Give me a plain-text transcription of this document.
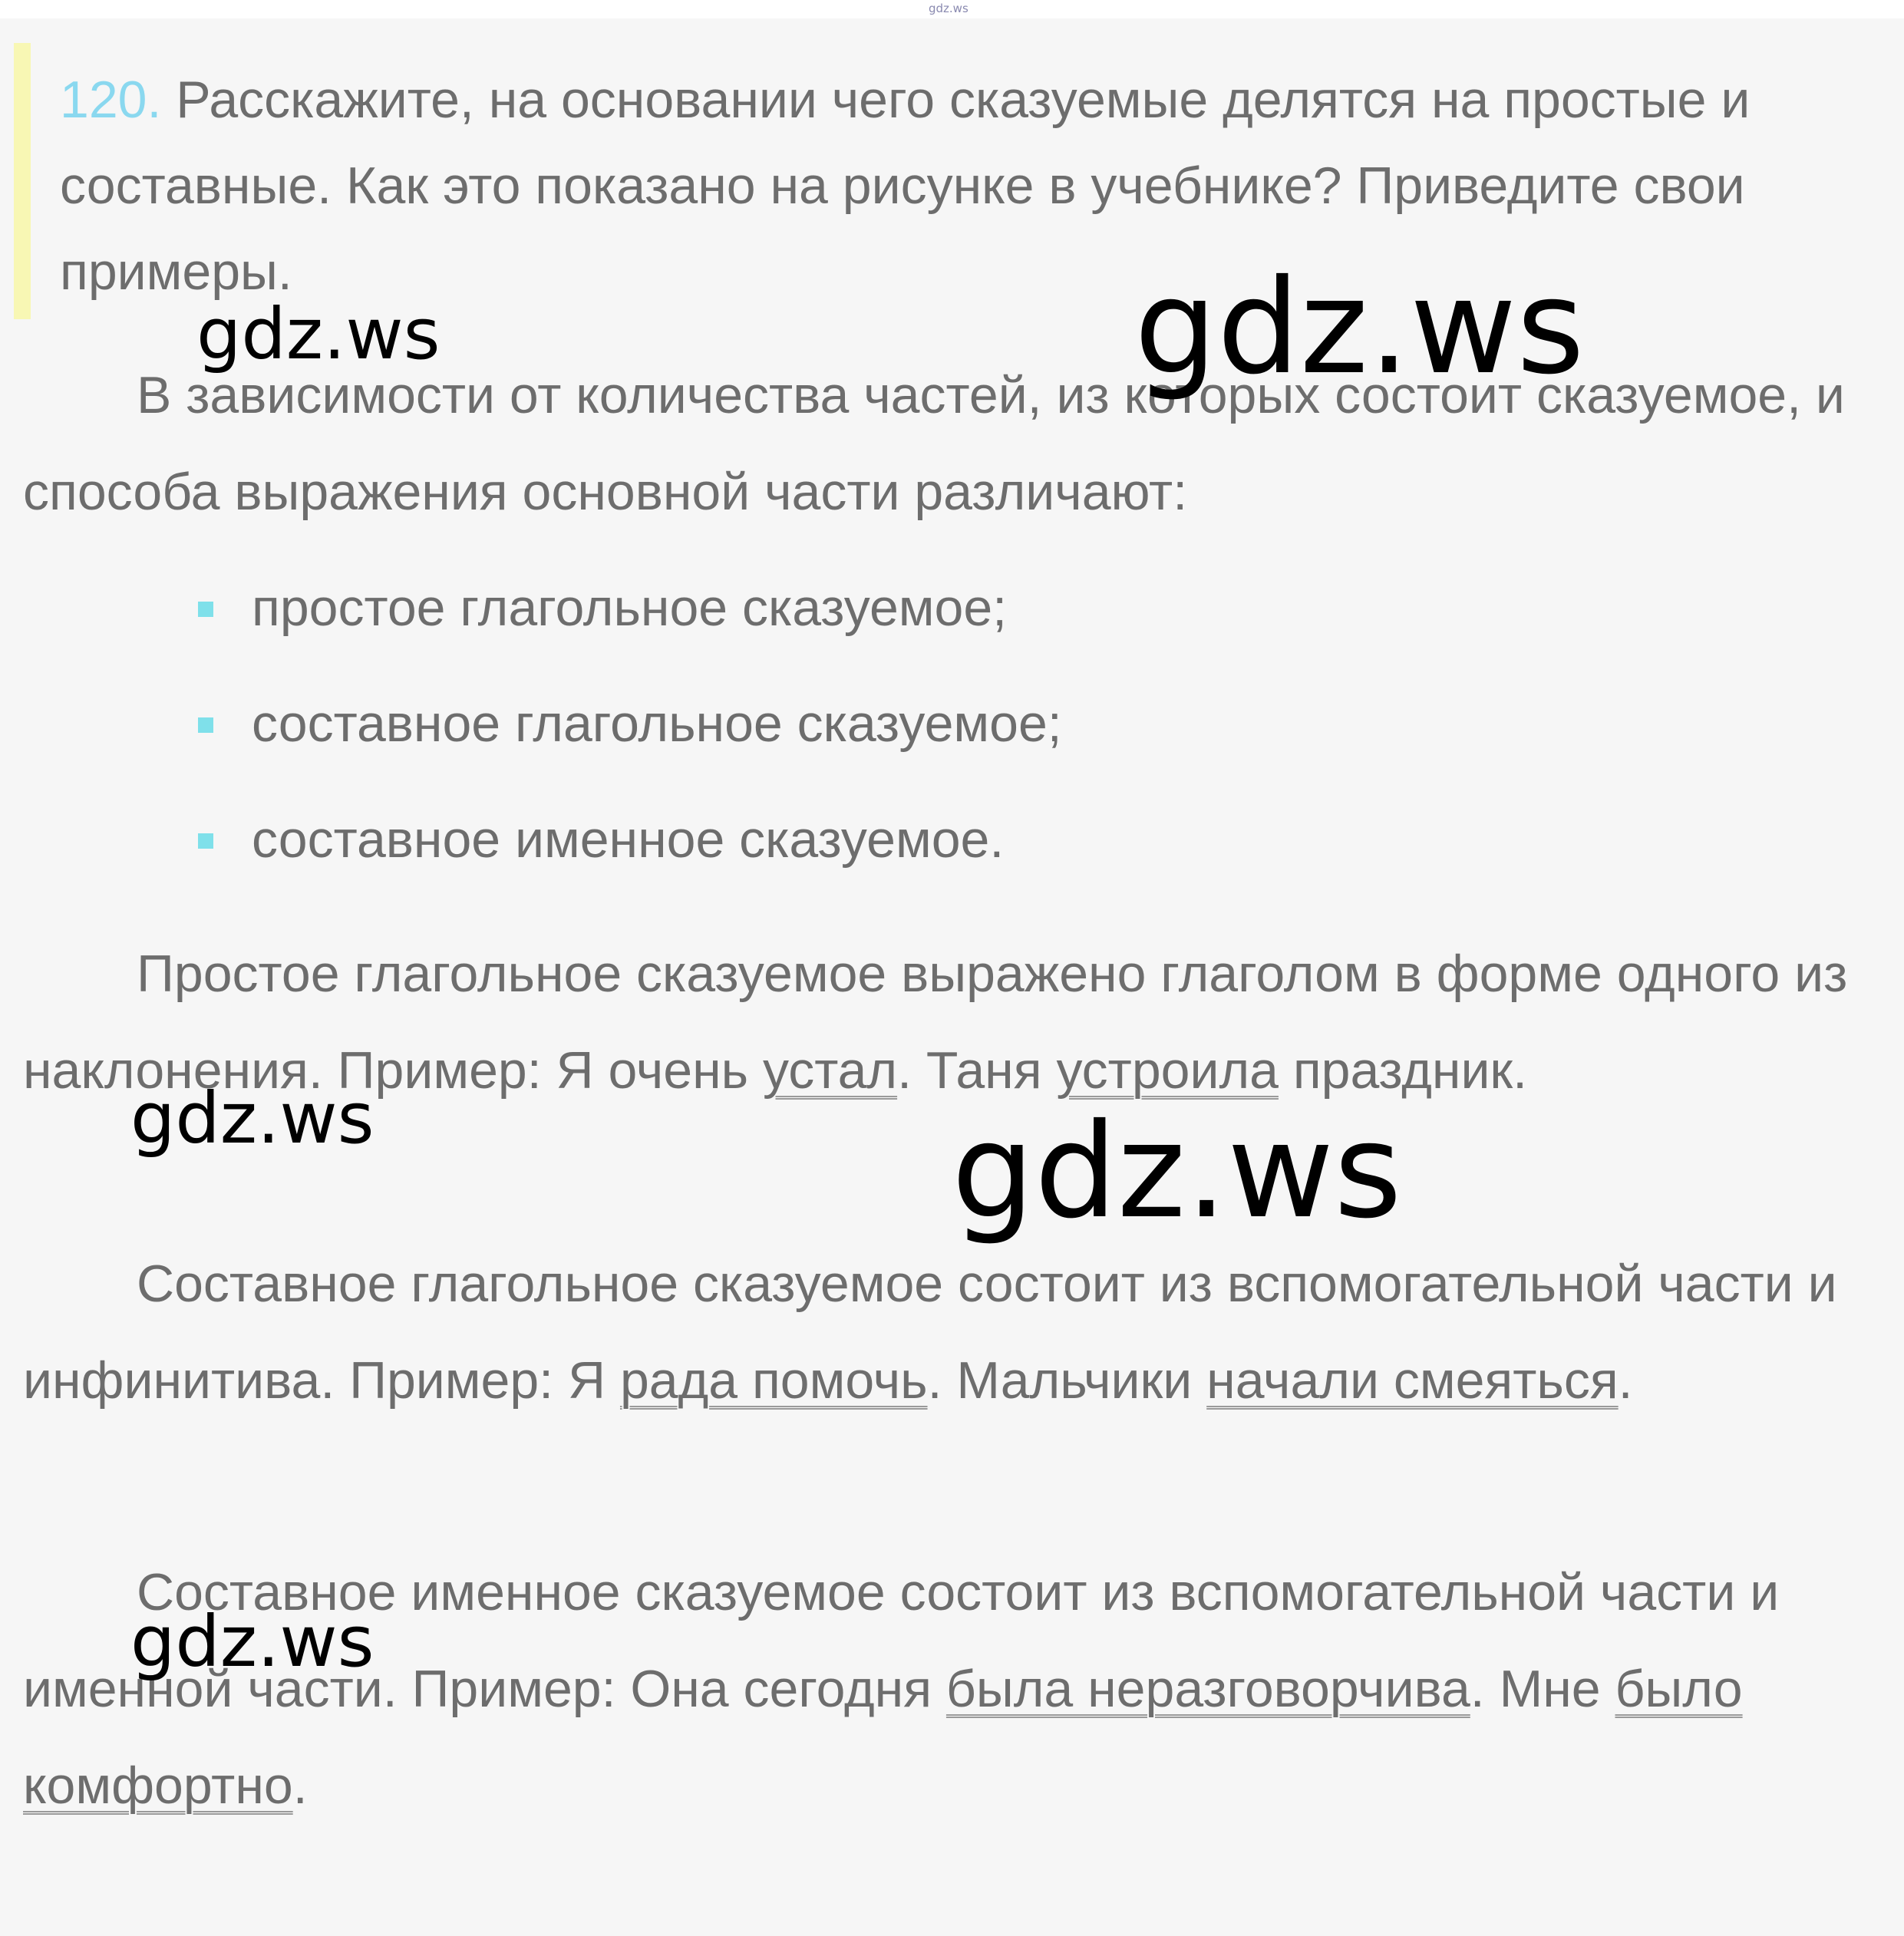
gdz.ws

120. Расскажите, на основании чего сказуемые делятся на простые и составные. Как это показано на рисунке в учебнике? Приведите свои примеры.

В зависимости от количества частей, из которых состоит сказуемое, и способа выражения основной части различают:

простое глагольное сказуемое;
составное глагольное сказуемое;
составное именное сказуемое.

Простое глагольное сказуемое выражено глаголом в форме одного из наклонения. Пример: Я очень устал. Таня устроила праздник.

Составное глагольное сказуемое состоит из вспомогательной части и инфинитива. Пример: Я рада помочь. Мальчики начали смеяться.

Составное именное сказуемое состоит из вспомогательной части и именной части. Пример: Она сегодня была неразговорчива. Мне было комфортно.

gdz.ws	gdz.ws
gdz.ws	gdz.ws
gdz.ws
